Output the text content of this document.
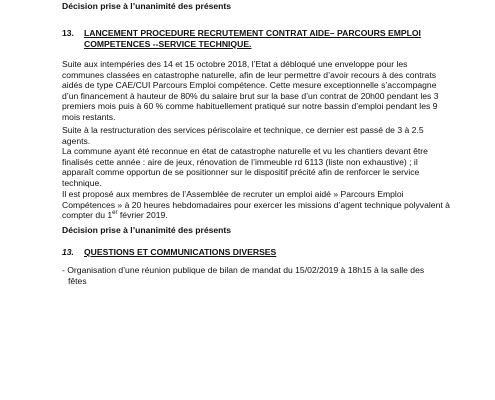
Décision prise à l’unanimité des présents
13. LANCEMENT PROCEDURE RECRUTEMENT CONTRAT AIDE– PARCOURS EMPLOI
COMPETENCES --SERVICE TECHNIQUE.
Suite aux intempéries des 14 et 15 octobre 2018, l’Etat a débloqué une enveloppe pour les
communes classées en catastrophe naturelle, afin de leur permettre d’avoir recours à des contrats
aidés de type CAE/CUI Parcours Emploi compétence. Cette mesure exceptionnelle s’accompagne
d’un financement à hauteur de 80% du salaire brut sur la base d’un contrat de 20h00 pendant les 3
premiers mois puis à 60 % comme habituellement pratiqué sur notre bassin d’emploi pendant les 9
mois restants.
Suite à la restructuration des services périscolaire et technique, ce dernier est passé de 3 à 2.5
agents.
La commune ayant été reconnue en état de catastrophe naturelle et vu les chantiers devant être
finalisés cette année : aire de jeux, rénovation de l’immeuble rd 6113 (liste non exhaustive) ; il
apparaît comme opportun de se positionner sur le dispositif précité afin de renforcer le service
technique.
Il est proposé aux membres de l’Assemblée de recruter un emploi aidé » Parcours Emploi
Compétences » à 20 heures hebdomadaires pour exercer les missions d’agent technique polyvalent à
compter du 1er février 2019.
Décision prise à l’unanimité des présents
13. QUESTIONS ET COMMUNICATIONS DIVERSES
- Organisation d’une réunion publique de bilan de mandat du 15/02/2019 à 18h15 à la salle des
fêtes
